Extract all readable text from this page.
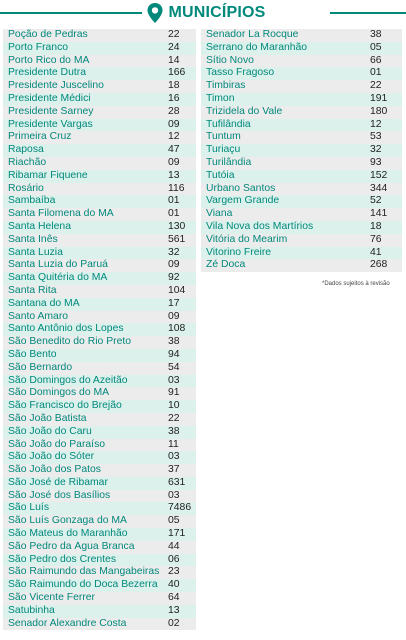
MUNICÍPIOS
Poção de Pedras	22
Porto Franco	24
Porto Rico do MA	14
Presidente Dutra	166
Presidente Juscelino	18
Presidente Médici	16
Presidente Sarney	28
Presidente Vargas	09
Primeira Cruz	12
Raposa	47
Riachão	09
Ribamar Fiquene	13
Rosário	116
Sambaíba	01
Santa Filomena do MA	01
Santa Helena	130
Santa Inês	561
Santa Luzia	32
Santa Luzia do Paruá	09
Santa Quitéria do MA	92
Santa Rita	104
Santana do MA	17
Santo Amaro	09
Santo Antônio dos Lopes	108
São Benedito do Rio Preto	38
São Bento	94
São Bernardo	54
São Domingos do Azeitão	03
São Domingos do MA	91
São Francisco do Brejão	10
São João Batista	22
São João do Caru	38
São João do Paraíso	11
São João do Sóter	03
São João dos Patos	37
São José de Ribamar	631
São José dos Basílios	03
São Luís	7486
São Luís Gonzaga do MA	05
São Mateus do Maranhão	171
São Pedro da Água Branca	44
São Pedro dos Crentes	06
São Raimundo das Mangabeiras 23
São Raimundo do Doca Bezerra	40
São Vicente Ferrer	64
Satubinha	13
Senador Alexandre Costa	02
Senador La Rocque	38
Serrano do Maranhão	05
Sítio Novo	66
Tasso Fragoso	01
Timbiras	22
Timon	191
Trizidela do Vale	180
Tufilândia	12
Tuntum	53
Turiaçu	32
Turilândia	93
Tutóia	152
Urbano Santos	344
Vargem Grande	52
Viana	141
Vila Nova dos Martírios	18
Vitória do Mearim	76
Vitorino Freire	41
Zé Doca	268
*Dados sujeitos à revisão
